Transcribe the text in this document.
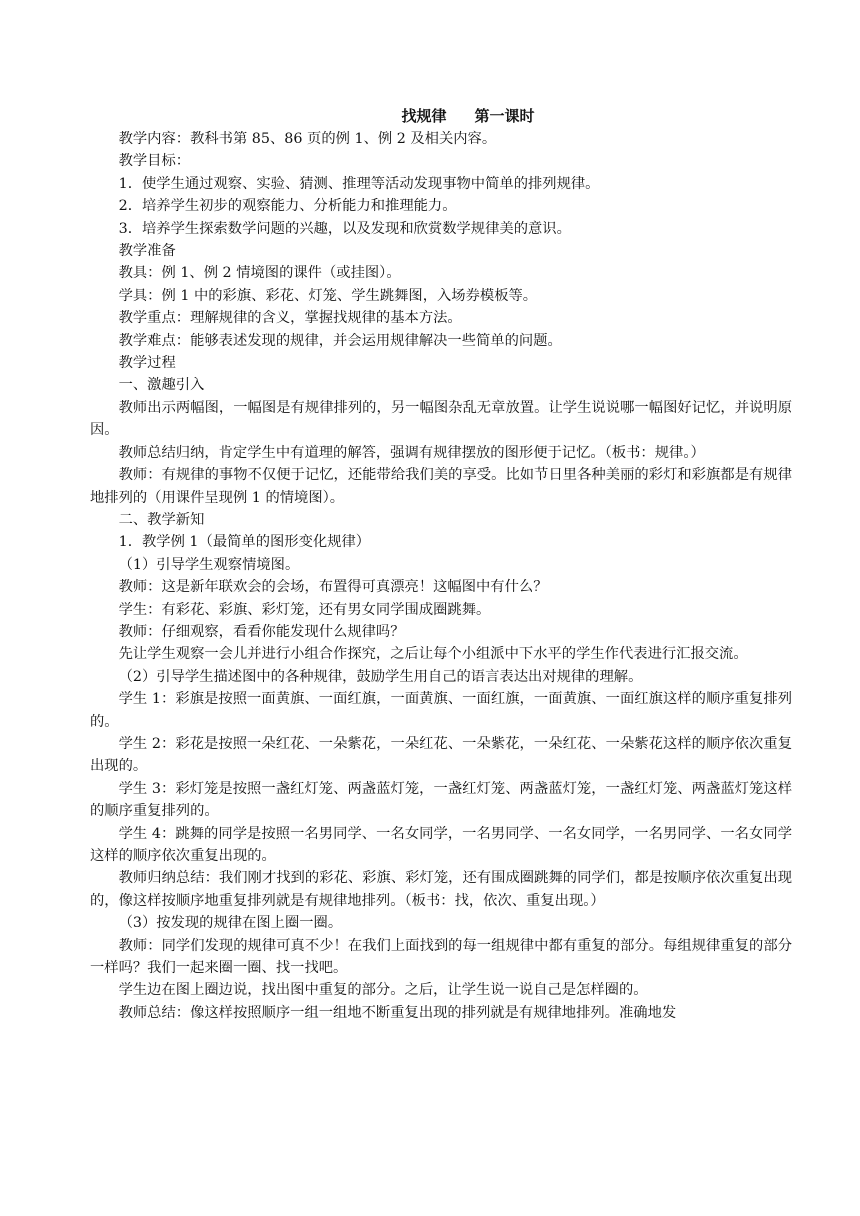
找规律 第一课时

教学内容：教科书第 85、86 页的例 1、例 2 及相关内容。

教学目标：

1．使学生通过观察、实验、猜测、推理等活动发现事物中简单的排列规律。

2．培养学生初步的观察能力、分析能力和推理能力。

3．培养学生探索数学问题的兴趣，以及发现和欣赏数学规律美的意识。

教学准备

教具：例 1、例 2 情境图的课件（或挂图）。

学具：例 1 中的彩旗、彩花、灯笼、学生跳舞图，入场券模板等。

教学重点：理解规律的含义，掌握找规律的基本方法。

教学难点：能够表述发现的规律，并会运用规律解决一些简单的问题。

教学过程

一、激趣引入

教师出示两幅图，一幅图是有规律排列的，另一幅图杂乱无章放置。让学生说说哪一幅图好记忆，并说明原因。

教师总结归纳，肯定学生中有道理的解答，强调有规律摆放的图形便于记忆。（板书：规律。）

教师：有规律的事物不仅便于记忆，还能带给我们美的享受。比如节日里各种美丽的彩灯和彩旗都是有规律地排列的（用课件呈现例 1 的情境图）。

二、教学新知

1．教学例 1（最简单的图形变化规律）

（1）引导学生观察情境图。

教师：这是新年联欢会的会场，布置得可真漂亮！这幅图中有什么？

学生：有彩花、彩旗、彩灯笼，还有男女同学围成圈跳舞。

教师：仔细观察，看看你能发现什么规律吗？

先让学生观察一会儿并进行小组合作探究，之后让每个小组派中下水平的学生作代表进行汇报交流。

（2）引导学生描述图中的各种规律，鼓励学生用自己的语言表达出对规律的理解。

学生 1：彩旗是按照一面黄旗、一面红旗，一面黄旗、一面红旗，一面黄旗、一面红旗这样的顺序重复排列的。

学生 2：彩花是按照一朵红花、一朵紫花，一朵红花、一朵紫花，一朵红花、一朵紫花这样的顺序依次重复出现的。

学生 3：彩灯笼是按照一盏红灯笼、两盏蓝灯笼，一盏红灯笼、两盏蓝灯笼，一盏红灯笼、两盏蓝灯笼这样的顺序重复排列的。

学生 4：跳舞的同学是按照一名男同学、一名女同学，一名男同学、一名女同学，一名男同学、一名女同学这样的顺序依次重复出现的。

教师归纳总结：我们刚才找到的彩花、彩旗、彩灯笼，还有围成圈跳舞的同学们，都是按顺序依次重复出现的，像这样按顺序地重复排列就是有规律地排列。（板书：找，依次、重复出现。）

（3）按发现的规律在图上圈一圈。

教师：同学们发现的规律可真不少！在我们上面找到的每一组规律中都有重复的部分。每组规律重复的部分一样吗？我们一起来圈一圈、找一找吧。

学生边在图上圈边说，找出图中重复的部分。之后，让学生说一说自己是怎样圈的。

教师总结：像这样按照顺序一组一组地不断重复出现的排列就是有规律地排列。准确地发
